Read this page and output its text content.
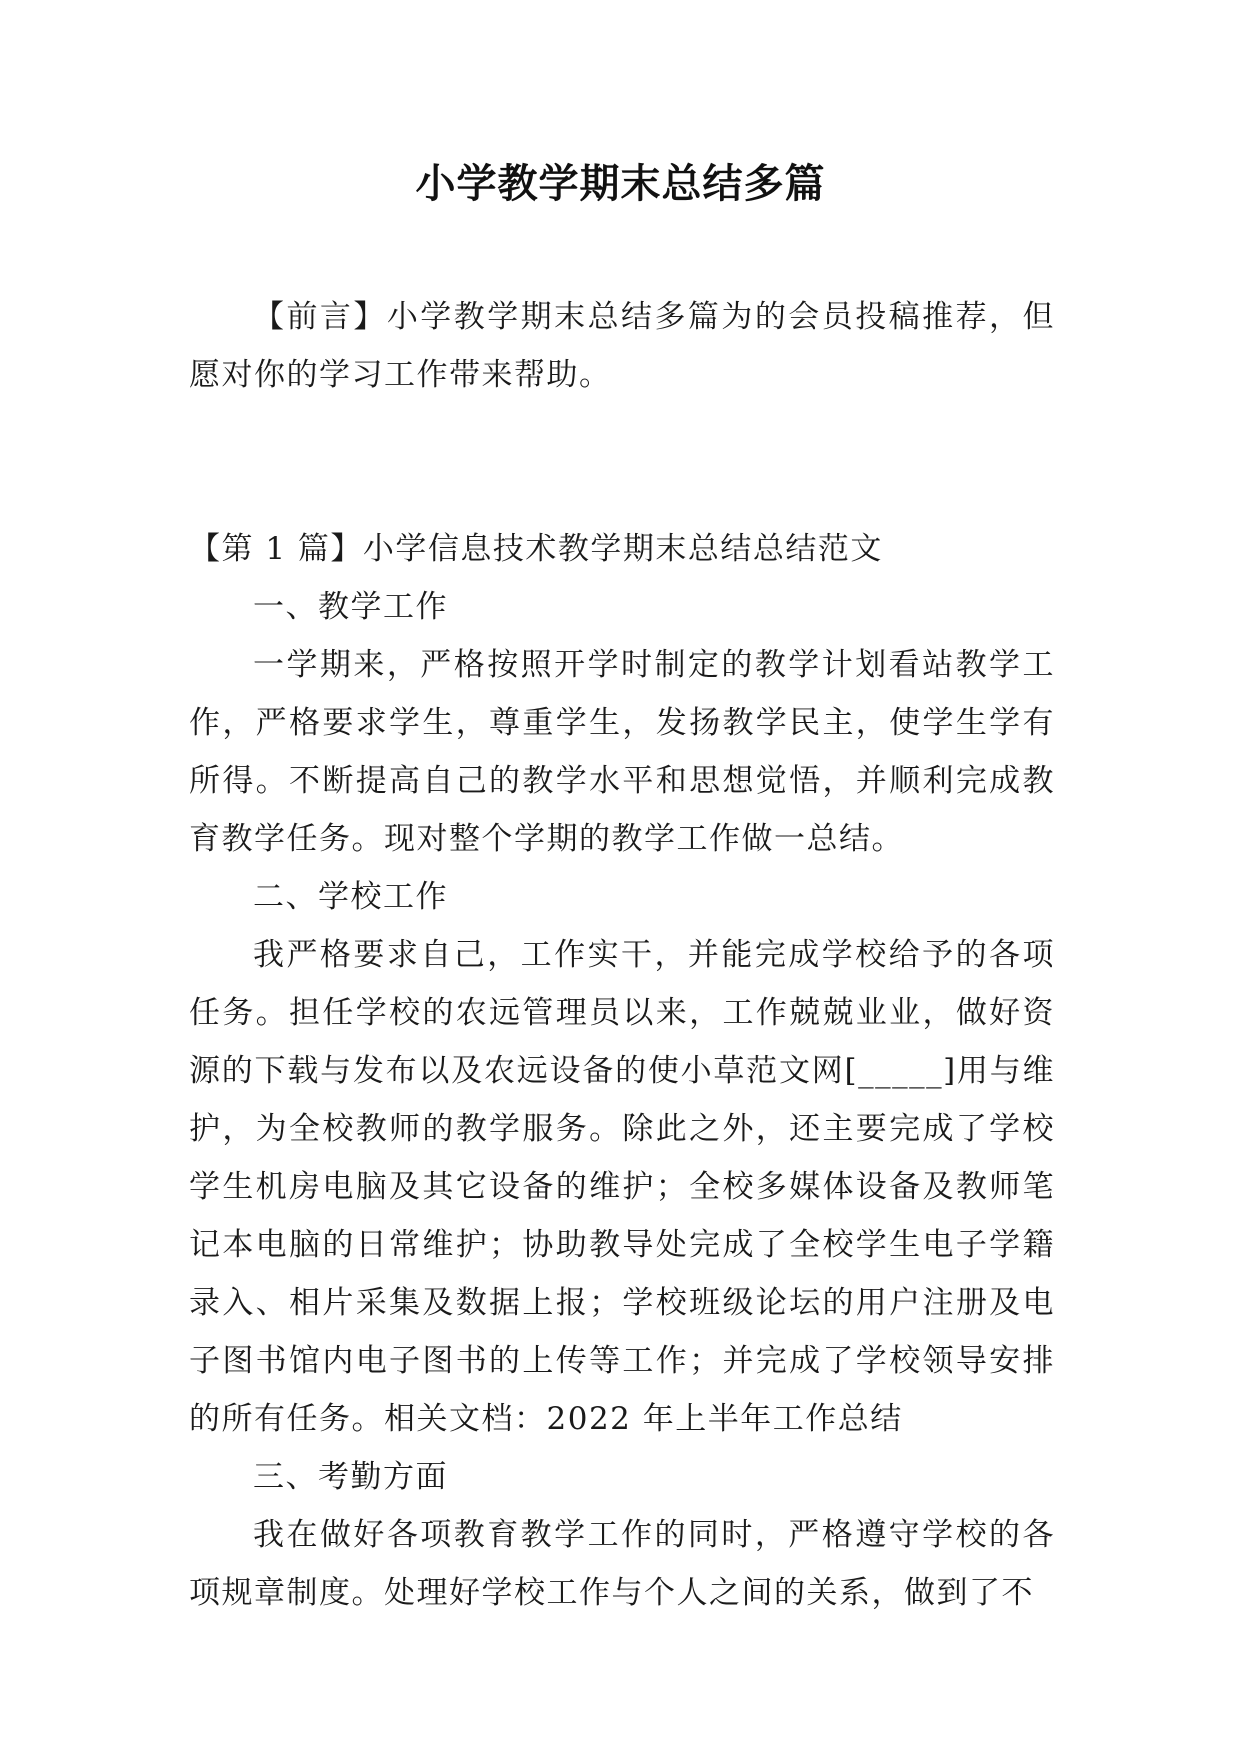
小学教学期末总结多篇

【前言】小学教学期末总结多篇为的会员投稿推荐，但愿对你的学习工作带来帮助。

【第 1 篇】小学信息技术教学期末总结总结范文

一、教学工作

一学期来，严格按照开学时制定的教学计划看站教学工作，严格要求学生，尊重学生，发扬教学民主，使学生学有所得。不断提高自己的教学水平和思想觉悟，并顺利完成教育教学任务。现对整个学期的教学工作做一总结。

二、学校工作

我严格要求自己，工作实干，并能完成学校给予的各项任务。担任学校的农远管理员以来，工作兢兢业业，做好资源的下载与发布以及农远设备的使小草范文网[_____]用与维护，为全校教师的教学服务。除此之外，还主要完成了学校学生机房电脑及其它设备的维护；全校多媒体设备及教师笔记本电脑的日常维护；协助教导处完成了全校学生电子学籍录入、相片采集及数据上报；学校班级论坛的用户注册及电子图书馆内电子图书的上传等工作；并完成了学校领导安排的所有任务。相关文档：2022 年上半年工作总结

三、考勤方面

我在做好各项教育教学工作的同时，严格遵守学校的各项规章制度。处理好学校工作与个人之间的关系，做到了不
